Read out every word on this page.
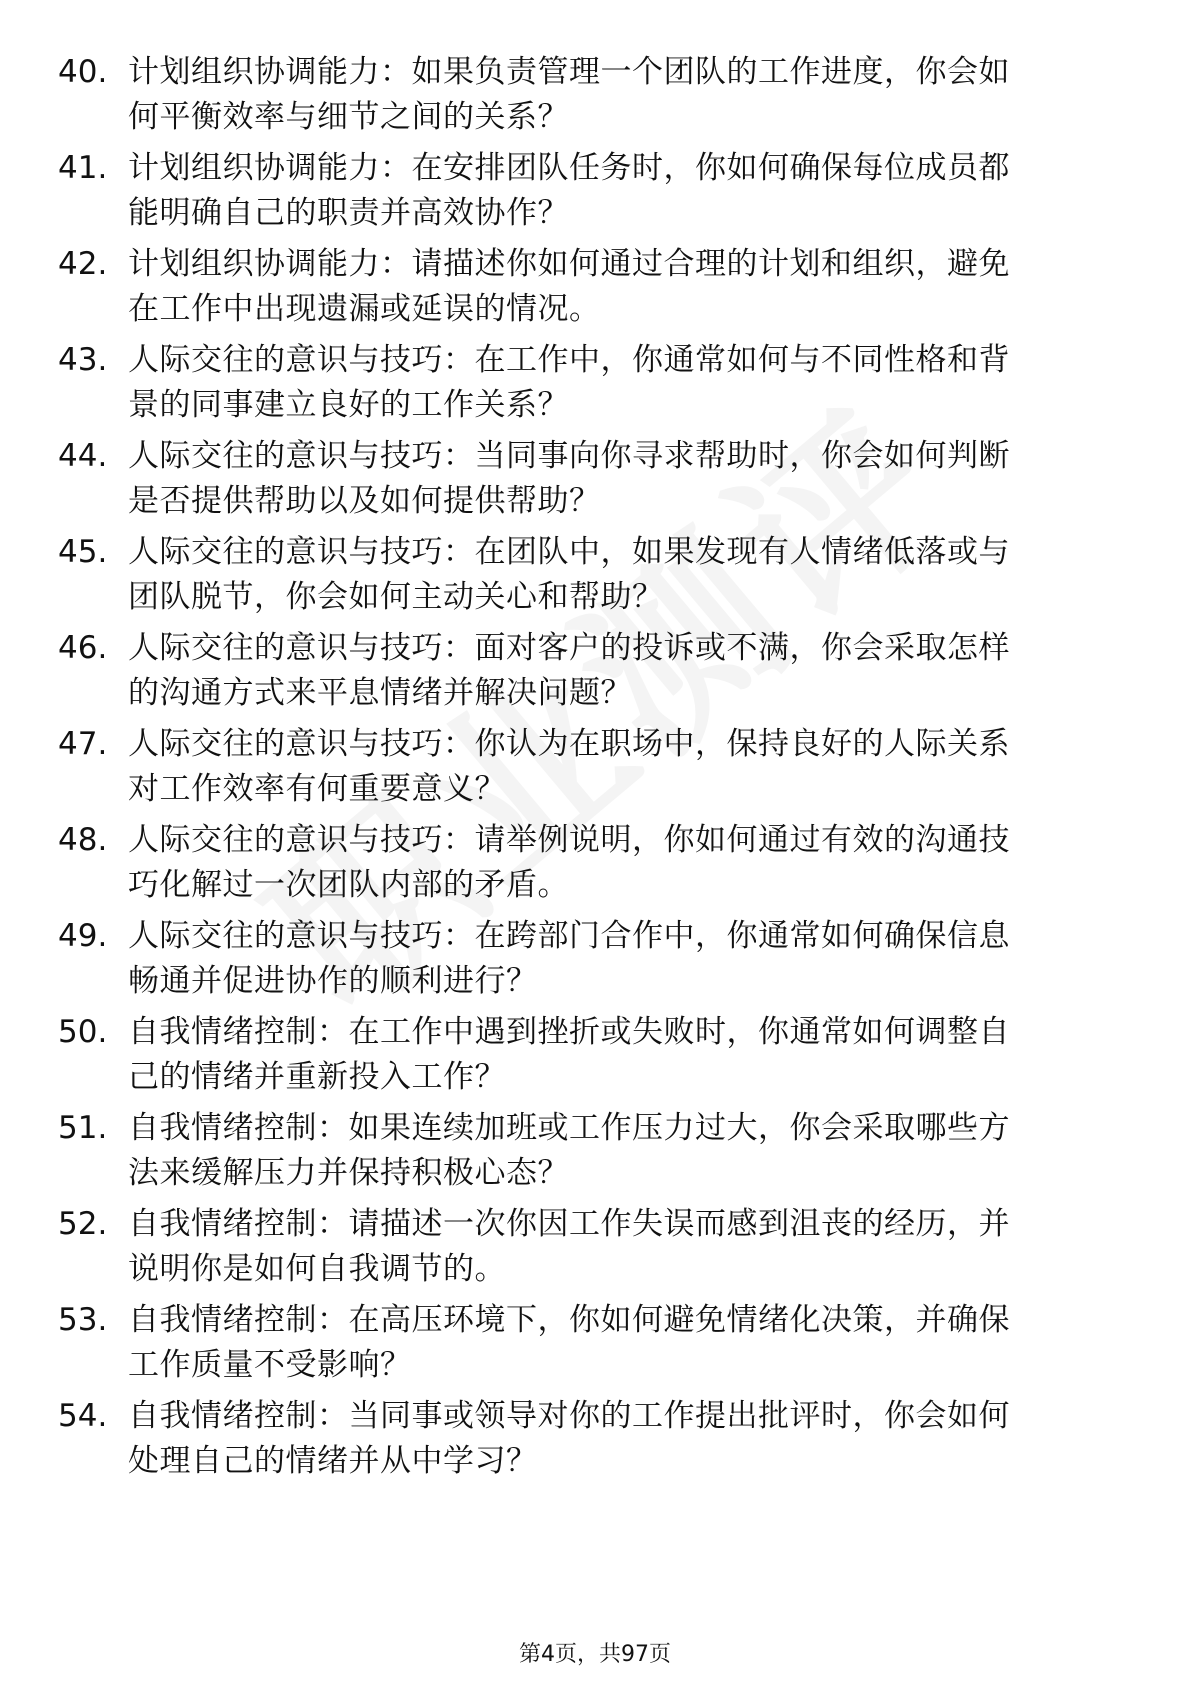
40. 计划组织协调能力：如果负责管理一个团队的工作进度，你会如
何平衡效率与细节之间的关系？
41. 计划组织协调能力：在安排团队任务时，你如何确保每位成员都
能明确自己的职责并高效协作？
42. 计划组织协调能力：请描述你如何通过合理的计划和组织，避免
在工作中出现遗漏或延误的情况。
43. 人际交往的意识与技巧：在工作中，你通常如何与不同性格和背
景的同事建立良好的工作关系？
44. 人际交往的意识与技巧：当同事向你寻求帮助时，你会如何判断
是否提供帮助以及如何提供帮助？
45. 人际交往的意识与技巧：在团队中，如果发现有人情绪低落或与
团队脱节，你会如何主动关心和帮助？
46. 人际交往的意识与技巧：面对客户的投诉或不满，你会采取怎样
的沟通方式来平息情绪并解决问题？
47. 人际交往的意识与技巧：你认为在职场中，保持良好的人际关系
对工作效率有何重要意义？
48. 人际交往的意识与技巧：请举例说明，你如何通过有效的沟通技
巧化解过一次团队内部的矛盾。
49. 人际交往的意识与技巧：在跨部门合作中，你通常如何确保信息
畅通并促进协作的顺利进行？
50. 自我情绪控制：在工作中遇到挫折或失败时，你通常如何调整自
己的情绪并重新投入工作？
51. 自我情绪控制：如果连续加班或工作压力过大，你会采取哪些方
法来缓解压力并保持积极心态？
52. 自我情绪控制：请描述一次你因工作失误而感到沮丧的经历，并
说明你是如何自我调节的。
53. 自我情绪控制：在高压环境下，你如何避免情绪化决策，并确保
工作质量不受影响？
54. 自我情绪控制：当同事或领导对你的工作提出批评时，你会如何
处理自己的情绪并从中学习？
第4页，共97页
